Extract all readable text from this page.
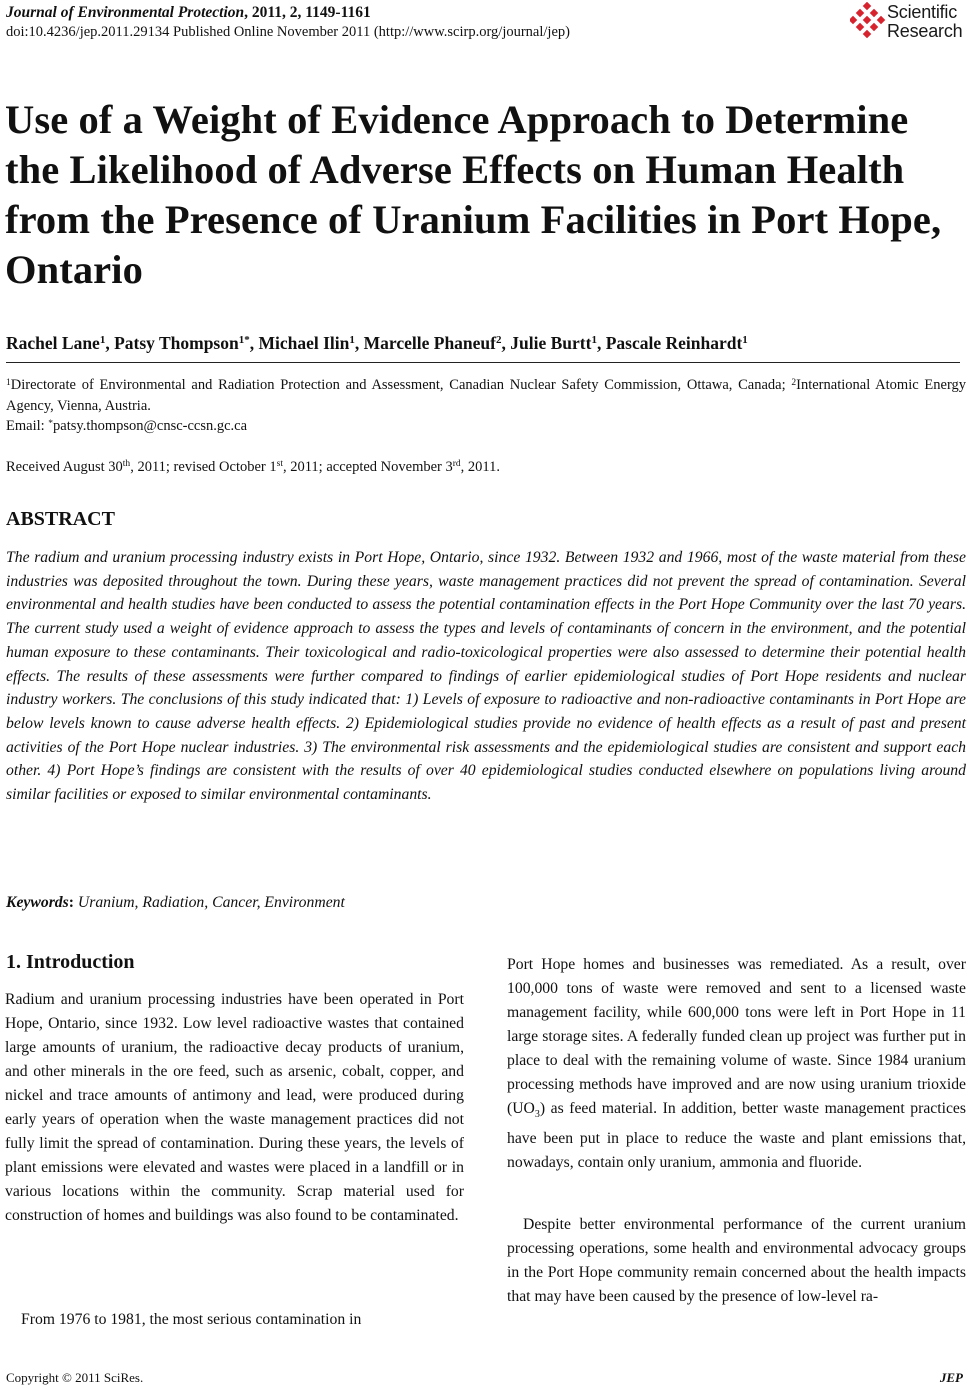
Journal of Environmental Protection, 2011, 2, 1149-1161
doi:10.4236/jep.2011.29134 Published Online November 2011 (http://www.scirp.org/journal/jep)
Scientific
Research
Use of a Weight of Evidence Approach to Determine the Likelihood of Adverse Effects on Human Health from the Presence of Uranium Facilities in Port Hope, Ontario
Rachel Lane$^1$, Patsy Thompson$^{1*}$, Michael Ilin$^1$, Marcelle Phaneuf$^2$, Julie Burtt$^1$, Pascale Reinhardt$^1$
$^1$Directorate of Environmental and Radiation Protection and Assessment, Canadian Nuclear Safety Commission, Ottawa, Canada; $^2$International Atomic Energy Agency, Vienna, Austria.
Email: *patsy.thompson@cnsc-ccsn.gc.ca
Received August 30th, 2011; revised October 1st, 2011; accepted November 3rd, 2011.
ABSTRACT

The radium and uranium processing industry exists in Port Hope, Ontario, since 1932. Between 1932 and 1966, most of the waste material from these industries was deposited throughout the town. During these years, waste management practices did not prevent the spread of contamination. Several environmental and health studies have been conducted to assess the potential contamination effects in the Port Hope Community over the last 70 years. The current study used a weight of evidence approach to assess the types and levels of contaminants of concern in the environment, and the potential human exposure to these contaminants. Their toxicological and radio-toxicological properties were also assessed to determine their potential health effects. The results of these assessments were further compared to findings of earlier epidemiological studies of Port Hope residents and nuclear industry workers. The conclusions of this study indicated that: 1) Levels of exposure to radioactive and non-radioactive contaminants in Port Hope are below levels known to cause adverse health effects. 2) Epidemiological studies provide no evidence of health effects as a result of past and present activities of the Port Hope nuclear industries. 3) The environmental risk assessments and the epidemiological studies are consistent and support each other. 4) Port Hope’s findings are consistent with the results of over 40 epidemiological studies conducted elsewhere on populations living around similar facilities or exposed to similar environmental contaminants.

Keywords: Uranium, Radiation, Cancer, Environment
1. Introduction

Radium and uranium processing industries have been operated in Port Hope, Ontario, since 1932. Low level radioactive wastes that contained large amounts of uranium, the radioactive decay products of uranium, and other minerals in the ore feed, such as arsenic, cobalt, copper, and nickel and trace amounts of antimony and lead, were produced during early years of operation when the waste management practices did not fully limit the spread of contamination. During these years, the levels of plant emissions were elevated and wastes were placed in a landfill or in various locations within the community. Scrap material used for construction of homes and buildings was also found to be contaminated.

From 1976 to 1981, the most serious contamination in

Port Hope homes and businesses was remediated. As a result, over 100,000 tons of waste were removed and sent to a licensed waste management facility, while 600,000 tons were left in Port Hope in 11 large storage sites. A federally funded clean up project was further put in place to deal with the remaining volume of waste. Since 1984 uranium processing methods have improved and are now using uranium trioxide $(UO_3)$ as feed material. In addition, better waste management practices have been put in place to reduce the waste and plant emissions that, nowadays, contain only uranium, ammonia and fluoride.

Despite better environmental performance of the current uranium processing operations, some health and environmental advocacy groups in the Port Hope community remain concerned about the health impacts that may have been caused by the presence of low-level ra-

Copyright © 2011 SciRes.	JEP
